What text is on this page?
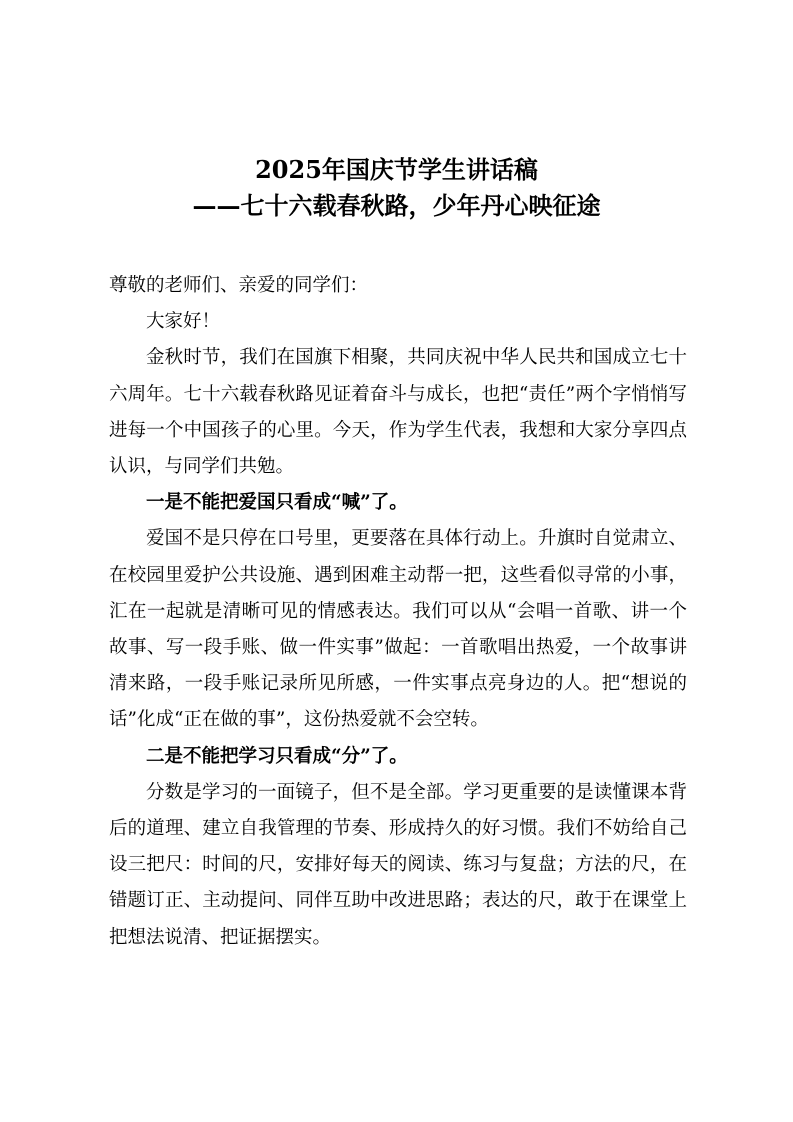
2025年国庆节学生讲话稿
——七十六载春秋路，少年丹心映征途

尊敬的老师们、亲爱的同学们：

大家好！

金秋时节，我们在国旗下相聚，共同庆祝中华人民共和国成立七十六周年。七十六载春秋路见证着奋斗与成长，也把“责任”两个字悄悄写进每一个中国孩子的心里。今天，作为学生代表，我想和大家分享四点认识，与同学们共勉。

一是不能把爱国只看成“喊”了。

爱国不是只停在口号里，更要落在具体行动上。升旗时自觉肃立、在校园里爱护公共设施、遇到困难主动帮一把，这些看似寻常的小事，汇在一起就是清晰可见的情感表达。我们可以从“会唱一首歌、讲一个故事、写一段手账、做一件实事”做起：一首歌唱出热爱，一个故事讲清来路，一段手账记录所见所感，一件实事点亮身边的人。把“想说的话”化成“正在做的事”，这份热爱就不会空转。

二是不能把学习只看成“分”了。

分数是学习的一面镜子，但不是全部。学习更重要的是读懂课本背后的道理、建立自我管理的节奏、形成持久的好习惯。我们不妨给自己设三把尺：时间的尺，安排好每天的阅读、练习与复盘；方法的尺，在错题订正、主动提问、同伴互助中改进思路；表达的尺，敢于在课堂上把想法说清、把证据摆实。
